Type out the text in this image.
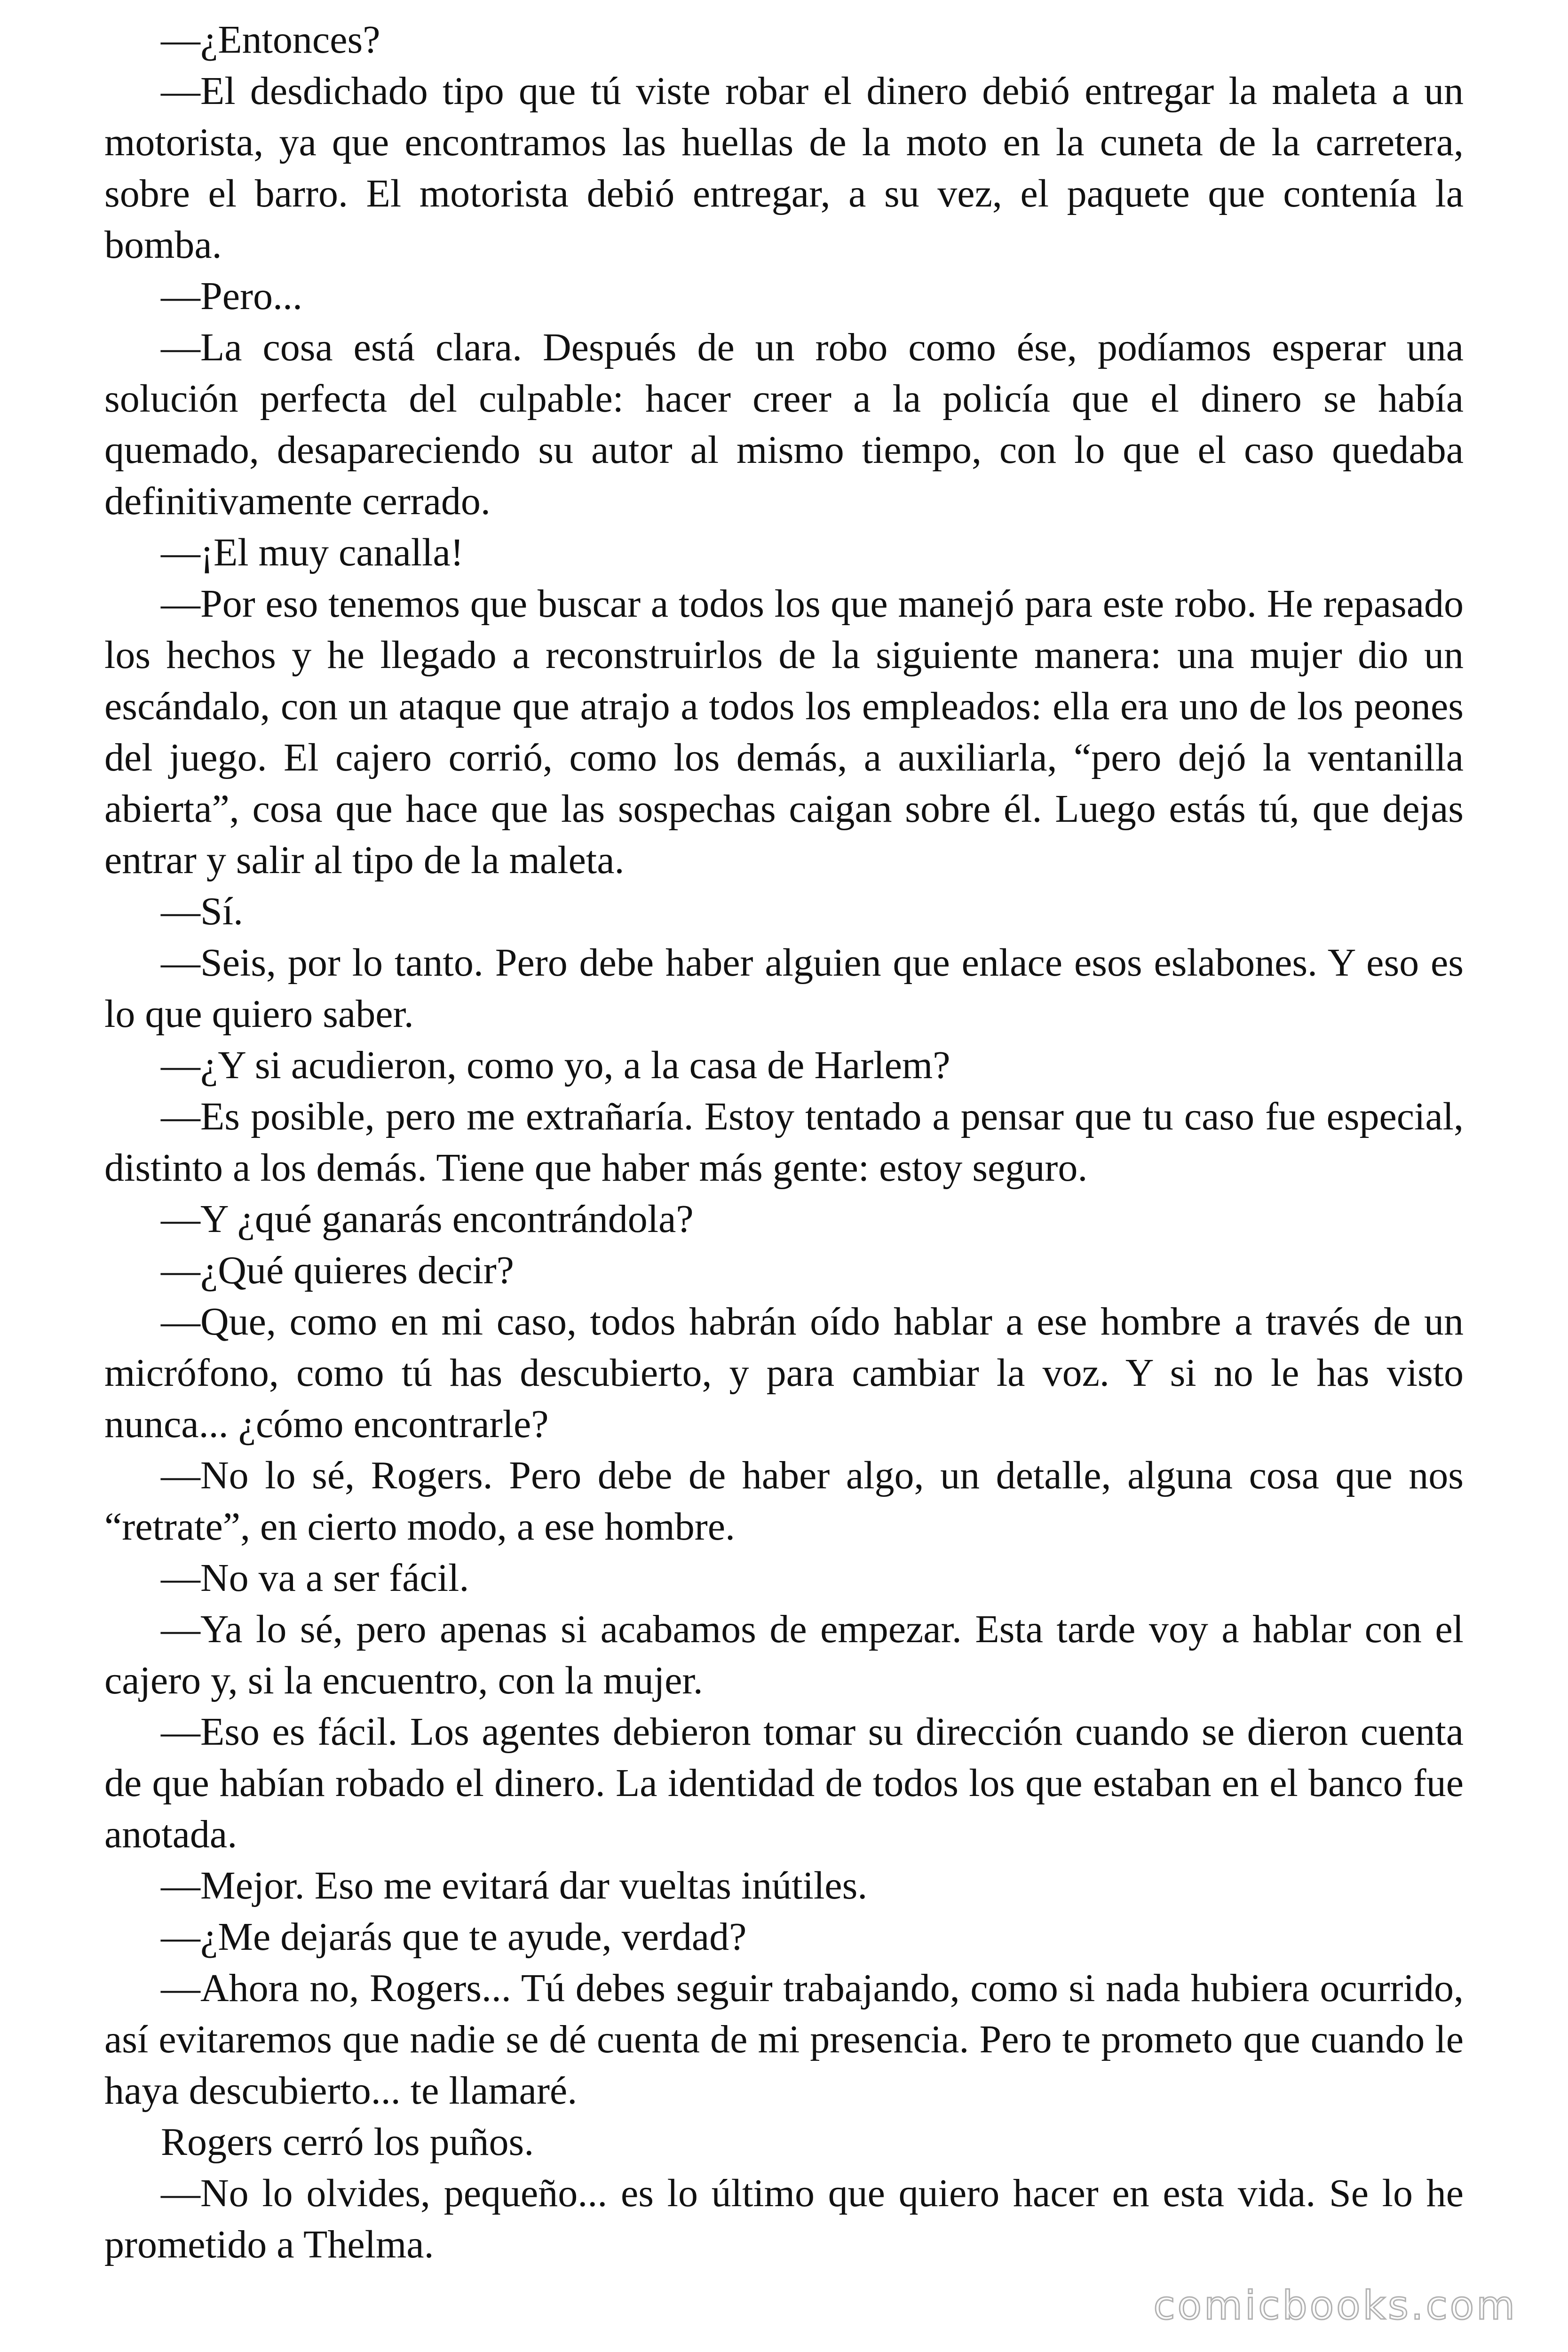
—¿Entonces?

—El desdichado tipo que tú viste robar el dinero debió entregar la maleta a un motorista, ya que encontramos las huellas de la moto en la cuneta de la carretera, sobre el barro. El motorista debió entregar, a su vez, el paquete que contenía la bomba.

—Pero...

—La cosa está clara. Después de un robo como ése, podíamos esperar una solución perfecta del culpable: hacer creer a la policía que el dinero se había quemado, desapareciendo su autor al mismo tiempo, con lo que el caso quedaba definitivamente cerrado.

—¡El muy canalla!

—Por eso tenemos que buscar a todos los que manejó para este robo. He repasado los hechos y he llegado a reconstruirlos de la siguiente manera: una mujer dio un escándalo, con un ataque que atrajo a todos los empleados: ella era uno de los peones del juego. El cajero corrió, como los demás, a auxiliarla, “pero dejó la ventanilla abierta”, cosa que hace que las sospechas caigan sobre él. Luego estás tú, que dejas entrar y salir al tipo de la maleta.

—Sí.

—Seis, por lo tanto. Pero debe haber alguien que enlace esos eslabones. Y eso es lo que quiero saber.

—¿Y si acudieron, como yo, a la casa de Harlem?

—Es posible, pero me extrañaría. Estoy tentado a pensar que tu caso fue especial, distinto a los demás. Tiene que haber más gente: estoy seguro.

—Y ¿qué ganarás encontrándola?

—¿Qué quieres decir?

—Que, como en mi caso, todos habrán oído hablar a ese hombre a través de un micrófono, como tú has descubierto, y para cambiar la voz. Y si no le has visto nunca... ¿cómo encontrarle?

—No lo sé, Rogers. Pero debe de haber algo, un detalle, alguna cosa que nos “retrate”, en cierto modo, a ese hombre.

—No va a ser fácil.

—Ya lo sé, pero apenas si acabamos de empezar. Esta tarde voy a hablar con el cajero y, si la encuentro, con la mujer.

—Eso es fácil. Los agentes debieron tomar su dirección cuando se dieron cuenta de que habían robado el dinero. La identidad de todos los que estaban en el banco fue anotada.

—Mejor. Eso me evitará dar vueltas inútiles.

—¿Me dejarás que te ayude, verdad?

—Ahora no, Rogers... Tú debes seguir trabajando, como si nada hubiera ocurrido, así evitaremos que nadie se dé cuenta de mi presencia. Pero te prometo que cuando le haya descubierto... te llamaré.

Rogers cerró los puños.

—No lo olvides, pequeño... es lo último que quiero hacer en esta vida. Se lo he prometido a Thelma.

comicbooks.com
